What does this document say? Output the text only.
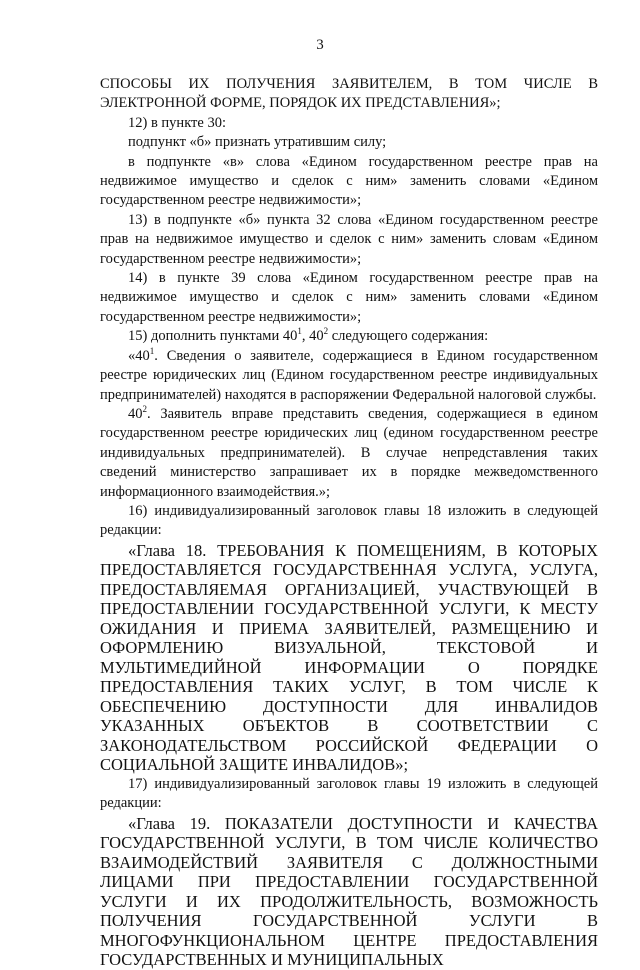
3

СПОСОБЫ ИХ ПОЛУЧЕНИЯ ЗАЯВИТЕЛЕМ, В ТОМ ЧИСЛЕ В ЭЛЕКТРОННОЙ ФОРМЕ, ПОРЯДОК ИХ ПРЕДСТАВЛЕНИЯ»;

12) в пункте 30:

подпункт «б» признать утратившим силу;

в подпункте «в» слова «Едином государственном реестре прав на недвижимое имущество и сделок с ним» заменить словами «Едином государственном реестре недвижимости»;

13) в подпункте «б» пункта 32 слова «Едином государственном реестре прав на недвижимое имущество и сделок с ним» заменить словам «Едином государственном реестре недвижимости»;

14) в пункте 39 слова «Едином государственном реестре прав на недвижимое имущество и сделок с ним» заменить словами «Едином государственном реестре недвижимости»;

15) дополнить пунктами $40^1$, $40^2$ следующего содержания:

«$40^1$. Сведения о заявителе, содержащиеся в Едином государственном реестре юридических лиц (Едином государственном реестре индивидуальных предпринимателей) находятся в распоряжении Федеральной налоговой службы.

$40^2$. Заявитель вправе представить сведения, содержащиеся в едином государственном реестре юридических лиц (едином государственном реестре индивидуальных предпринимателей). В случае непредставления таких сведений министерство запрашивает их в порядке межведомственного информационного взаимодействия.»;

16) индивидуализированный заголовок главы 18 изложить в следующей редакции:

«Глава 18. ТРЕБОВАНИЯ К ПОМЕЩЕНИЯМ, В КОТОРЫХ ПРЕДОСТАВЛЯЕТСЯ ГОСУДАРСТВЕННАЯ УСЛУГА, УСЛУГА, ПРЕДОСТАВЛЯЕМАЯ ОРГАНИЗАЦИЕЙ, УЧАСТВУЮЩЕЙ В ПРЕДОСТАВЛЕНИИ ГОСУДАРСТВЕННОЙ УСЛУГИ, К МЕСТУ ОЖИДАНИЯ И ПРИЕМА ЗАЯВИТЕЛЕЙ, РАЗМЕЩЕНИЮ И ОФОРМЛЕНИЮ ВИЗУАЛЬНОЙ, ТЕКСТОВОЙ И МУЛЬТИМЕДИЙНОЙ ИНФОРМАЦИИ О ПОРЯДКЕ ПРЕДОСТАВЛЕНИЯ ТАКИХ УСЛУГ, В ТОМ ЧИСЛЕ К ОБЕСПЕЧЕНИЮ ДОСТУПНОСТИ ДЛЯ ИНВАЛИДОВ УКАЗАННЫХ ОБЪЕКТОВ В СООТВЕТСТВИИ С ЗАКОНОДАТЕЛЬСТВОМ РОССИЙСКОЙ ФЕДЕРАЦИИ О СОЦИАЛЬНОЙ ЗАЩИТЕ ИНВАЛИДОВ»;

17) индивидуализированный заголовок главы 19 изложить в следующей редакции:

«Глава 19. ПОКАЗАТЕЛИ ДОСТУПНОСТИ И КАЧЕСТВА ГОСУДАРСТВЕННОЙ УСЛУГИ, В ТОМ ЧИСЛЕ КОЛИЧЕСТВО ВЗАИМОДЕЙСТВИЙ ЗАЯВИТЕЛЯ С ДОЛЖНОСТНЫМИ ЛИЦАМИ ПРИ ПРЕДОСТАВЛЕНИИ ГОСУДАРСТВЕННОЙ УСЛУГИ И ИХ ПРОДОЛЖИТЕЛЬНОСТЬ, ВОЗМОЖНОСТЬ ПОЛУЧЕНИЯ ГОСУДАРСТВЕННОЙ УСЛУГИ В МНОГОФУНКЦИОНАЛЬНОМ ЦЕНТРЕ ПРЕДОСТАВЛЕНИЯ ГОСУДАРСТВЕННЫХ И МУНИЦИПАЛЬНЫХ
